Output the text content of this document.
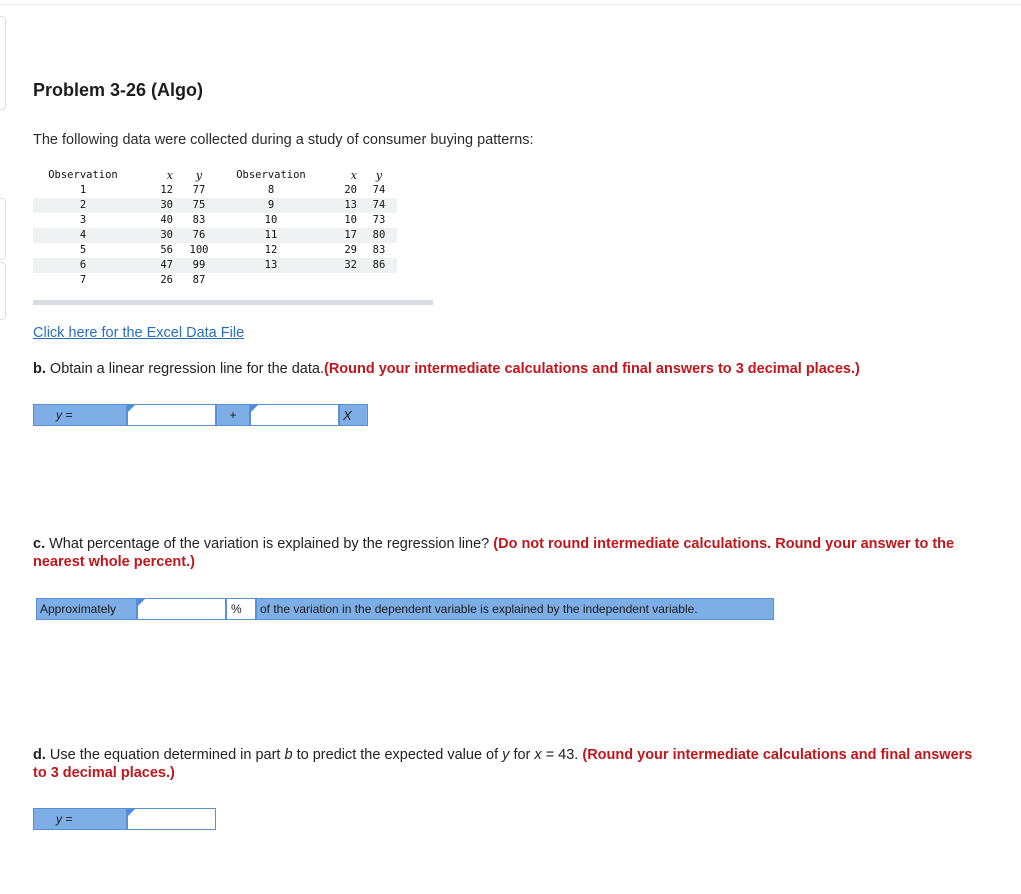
Problem 3-26 (Algo)
The following data were collected during a study of consumer buying patterns:
Observation	x	y	Observation	x	y
1	12	77	8	20	74
2	30	75	9	13	74
3	40	83	10	10	73
4	30	76	11	17	80
5	56	100	12	29	83
6	47	99	13	32	86
7	26	87			
Click here for the Excel Data File
b. Obtain a linear regression line for the data.(Round your intermediate calculations and final answers to 3 decimal places.)
y =	+	X
c. What percentage of the variation is explained by the regression line? (Do not round intermediate calculations. Round your answer to the nearest whole percent.)
Approximately	%	of the variation in the dependent variable is explained by the independent variable.
d. Use the equation determined in part b to predict the expected value of y for x = 43. (Round your intermediate calculations and final answers to 3 decimal places.)
y =
